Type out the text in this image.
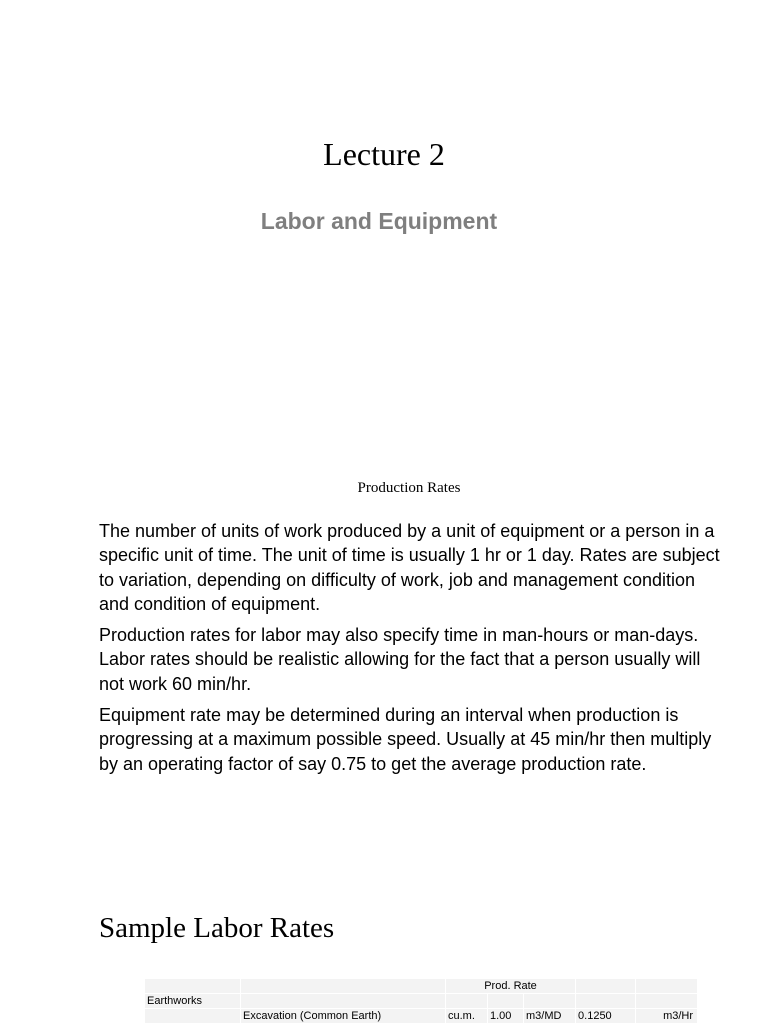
Lecture 2
Labor and Equipment
Production Rates

The number of units of work produced by a unit of equipment or a person in a specific unit of time. The unit of time is usually 1 hr or 1 day. Rates are subject to variation, depending on difficulty of work, job and management condition and condition of equipment.

Production rates for labor may also specify time in man-hours or man-days. Labor rates should be realistic allowing for the fact that a person usually will not work 60 min/hr.

Equipment rate may be determined during an interval when production is progressing at a maximum possible speed. Usually at 45 min/hr then multiply by an operating factor of say 0.75 to get the average production rate.

Sample Labor Rates
		Prod. Rate				
Earthworks						
	Excavation (Common Earth)	cu.m.	1.00	m3/MD	0.1250	m3/Hr
